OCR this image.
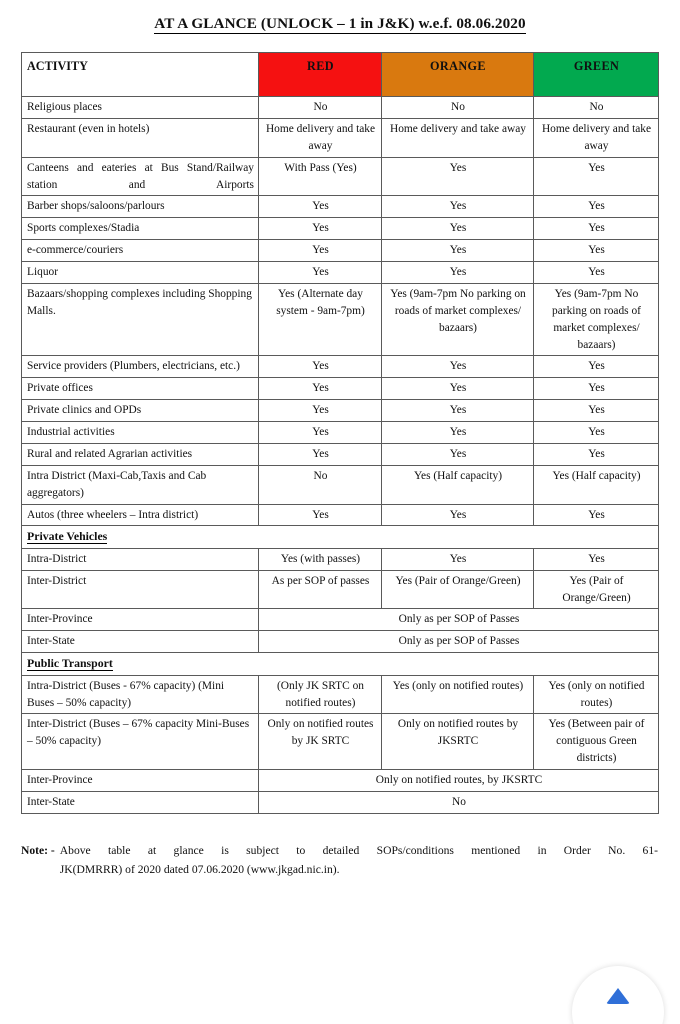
AT A GLANCE (UNLOCK – 1 in J&K) w.e.f. 08.06.2020
ACTIVITY	RED	ORANGE	GREEN
Religious places	No	No	No
Restaurant (even in hotels)	Home delivery and take away	Home delivery and take away	Home delivery and take away
Canteens and eateries at Bus Stand/Railway station and Airports	With Pass (Yes)	Yes	Yes
Barber shops/saloons/parlours	Yes	Yes	Yes
Sports complexes/Stadia	Yes	Yes	Yes
e-commerce/couriers	Yes	Yes	Yes
Liquor	Yes	Yes	Yes
Bazaars/shopping complexes including Shopping Malls.	Yes (Alternate day system - 9am-7pm)	Yes (9am-7pm No parking on roads of market complexes/ bazaars)	Yes (9am-7pm No parking on roads of market complexes/ bazaars)
Service providers (Plumbers, electricians, etc.)	Yes	Yes	Yes
Private offices	Yes	Yes	Yes
Private clinics and OPDs	Yes	Yes	Yes
Industrial activities	Yes	Yes	Yes
Rural and related Agrarian activities	Yes	Yes	Yes
Intra District (Maxi-Cab,Taxis and Cab aggregators)	No	Yes (Half capacity)	Yes (Half capacity)
Autos (three wheelers – Intra district)	Yes	Yes	Yes
Private Vehicles			
Intra-District	Yes (with passes)	Yes	Yes
Inter-District	As per SOP of passes	Yes (Pair of Orange/Green)	Yes (Pair of Orange/Green)
Inter-Province	Only as per SOP of Passes		
Inter-State	Only as per SOP of Passes		
Public Transport			
Intra-District (Buses - 67% capacity) (Mini Buses – 50% capacity)	(Only JK SRTC on notified routes)	Yes (only on notified routes)	Yes (only on notified routes)
Inter-District (Buses – 67% capacity Mini-Buses – 50% capacity)	Only on notified routes by JK SRTC	Only on notified routes by JKSRTC	Yes (Between pair of contiguous Green districts)
Inter-Province	Only on notified routes, by JKSRTC		
Inter-State	No		
Note: - Above table at glance is subject to detailed SOPs/conditions mentioned in Order No. 61-
JK(DMRRR) of 2020 dated 07.06.2020 (www.jkgad.nic.in).
